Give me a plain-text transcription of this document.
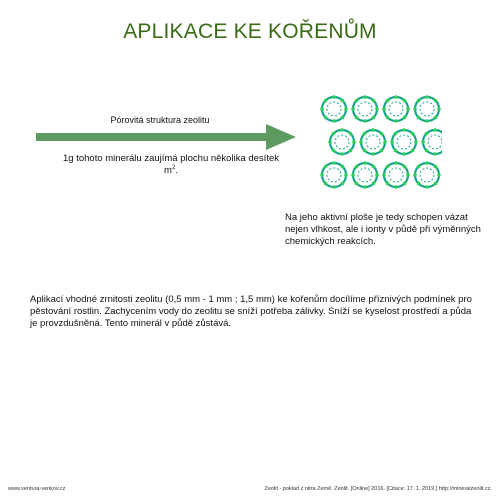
APLIKACE KE KOŘENŮM
Pórovitá struktura zeolitu
1g tohoto minerálu zaujímá plochu několika desítek $m^2$.
Na jeho aktivní ploše je tedy schopen vázat nejen vlhkost, ale i ionty v půdě při výměnných chemických reakcích.
Aplikací vhodné zrnitosti zeolitu (0,5 mm - 1 mm ; 1,5 mm) ke kořenům docílíme příznivých podmínek pro pěstování rostlin. Zachycením vody do zeolitu se sníží potřeba zálivky. Sníží se kyselost prostředí a půda je provzdušněná. Tento minerál v půdě zůstává.
www.ventura-venkov.cz	Zeolit - poklad z nitra Země. Zeolit. [Online] 2016. [Citace: 17. 1. 2019.] http://mineralzeolit.cz.
